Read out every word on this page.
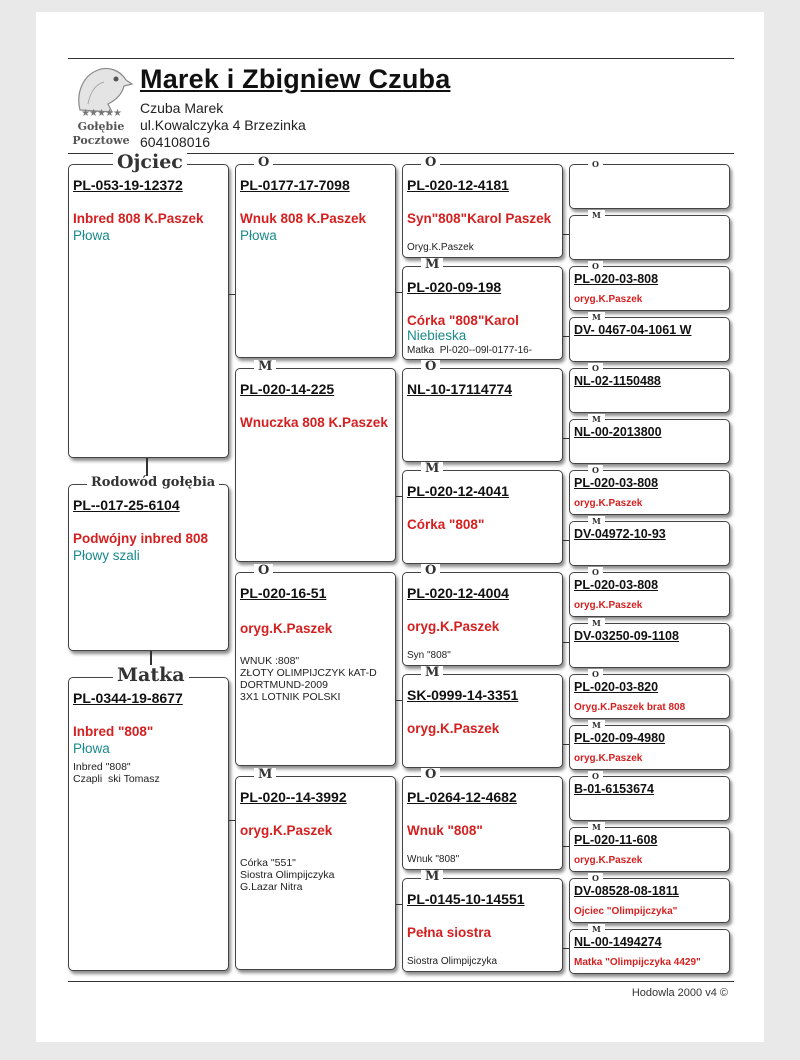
★★★★★
Gołębie
Pocztowe
Marek i Zbigniew Czuba
Czuba Marek
ul.Kowalczyka 4 Brzezinka
604108016
Ojciec
PL-053-19-12372
Inbred 808 K.Paszek
Płowa
Rodowód gołębia
PL--017-25-6104
Podwójny inbred 808
Płowy szali
Matka
PL-0344-19-8677
Inbred "808"
Płowa
Inbred "808"
Czapli  ski Tomasz
O
PL-0177-17-7098
Wnuk 808 K.Paszek
Płowa
M
PL-020-14-225
Wnuczka 808 K.Paszek
O
PL-020-16-51
oryg.K.Paszek
WNUK :808"
ZŁOTY OLIMPIJCZYK kAT-D
DORTMUND-2009
3X1 LOTNIK POLSKI
M
PL-020--14-3992
oryg.K.Paszek
Córka "551"
Siostra Olimpijczyka
G.Lazar Nitra
O
PL-020-12-4181
Syn"808"Karol Paszek
Oryg.K.Paszek
M
PL-020-09-198
Córka "808"Karol
Niebieska
Matka  Pl-020--09l-0177-16-
O
NL-10-17114774
M
PL-020-12-4041
Córka "808"
O
PL-020-12-4004
oryg.K.Paszek
Syn "808"
M
SK-0999-14-3351
oryg.K.Paszek
O
PL-0264-12-4682
Wnuk "808"
Wnuk "808"
M
PL-0145-10-14551
Pełna siostra
Siostra Olimpijczyka
O
M
O
PL-020-03-808
oryg.K.Paszek
M
DV- 0467-04-1061 W
O
NL-02-1150488
M
NL-00-2013800
O
PL-020-03-808
oryg.K.Paszek
M
DV-04972-10-93
O
PL-020-03-808
oryg.K.Paszek
M
DV-03250-09-1108
O
PL-020-03-820
Oryg.K.Paszek brat 808
M
PL-020-09-4980
oryg.K.Paszek
O
B-01-6153674
M
PL-020-11-608
oryg.K.Paszek
O
DV-08528-08-1811
Ojciec "Olimpijczyka"
M
NL-00-1494274
Matka "Olimpijczyka 4429"
Hodowla 2000 v4 ©
